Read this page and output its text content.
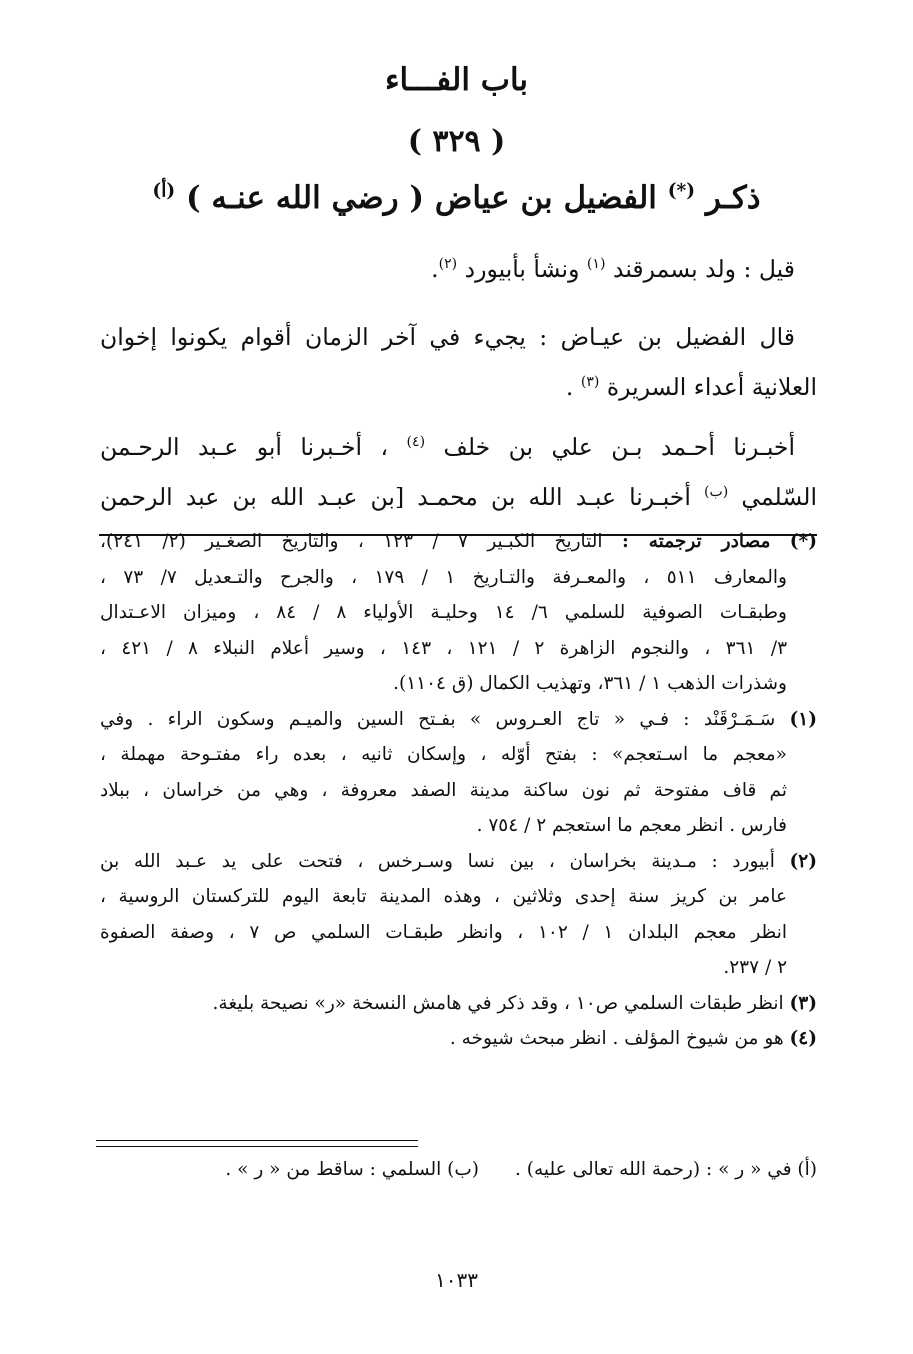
باب الفـــاء
( ٣٢٩ )
ذكـر (*) الفضيل بن عياض ( رضي الله عنـه ) $^{(أ)}$
قيل : ولد بسمرقند $^{(١)}$ ونشأ بأبيورد $^{(٢)}$.
قال الفضيل بن عيـاض : يجيء في آخر الزمان أقوام يكونوا إخوان
العلانية أعداء السريرة $^{(٣)}$ .
أخبـرنا أحـمد بـن علي بن خلف $^{(٤)}$ ، أخـبرنا أبو عـبد الرحـمن
السّلمي $^{(ب)}$ أخبـرنا عبـد الله بن محمـد [بن عبـد الله بن عبد الرحمن
(*) مصادر ترجمته : التاريخ الكبـير ٧ / ١٢٣ ، والتاريخ الصغـير (٢/ ٢٤١)،
والمعارف ٥١١ ، والمعـرفة والتـاريخ ١ / ١٧٩ ، والجرح والتـعديل ٧/ ٧٣ ،
وطبقـات الصوفية للسلمي ٦/ ١٤ وحليـة الأولياء ٨ / ٨٤ ، وميزان الاعـتدال
٣/ ٣٦١ ، والنجوم الزاهرة ٢ / ١٢١ ، ١٤٣ ، وسير أعلام النبلاء ٨ / ٤٢١ ،
وشذرات الذهب ١ / ٣٦١، وتهذيب الكمال (ق ١١٠٤).
(١) سَـمَـرْقَنْد : فـي « تاج العـروس » بفـتح السين والميـم وسكون الراء . وفي
«معجم ما اسـتعجم» : بفتح أوّله ، وإسكان ثانيه ، بعده راء مفتـوحة مهملة ،
ثم قاف مفتوحة ثم نون ساكنة مدينة الصفد معروفة ، وهي من خراسان ، ببلاد
فارس . انظر معجم ما استعجم ٢ / ٧٥٤ .
(٢) أبيورد : مـدينة بخراسان ، بين نسا وسـرخس ، فتحت على يد عـبد الله بن
عامر بن كريز سنة إحدى وثلاثين ، وهذه المدينة تابعة اليوم للتركستان الروسية ،
انظر معجم البلدان ١ / ١٠٢ ، وانظر طبقـات السلمي ص ٧ ، وصفة الصفوة
٢ / ٢٣٧.
(٣) انظر طبقات السلمي ص١٠ ، وقد ذكر في هامش النسخة «ر» نصيحة بليغة.
(٤) هو من شيوخ المؤلف . انظر مبحث شيوخه .
(أ) في « ر » : (رحمة الله تعالى عليه) .(ب) السلمي : ساقط من « ر » .
١٠٣٣
